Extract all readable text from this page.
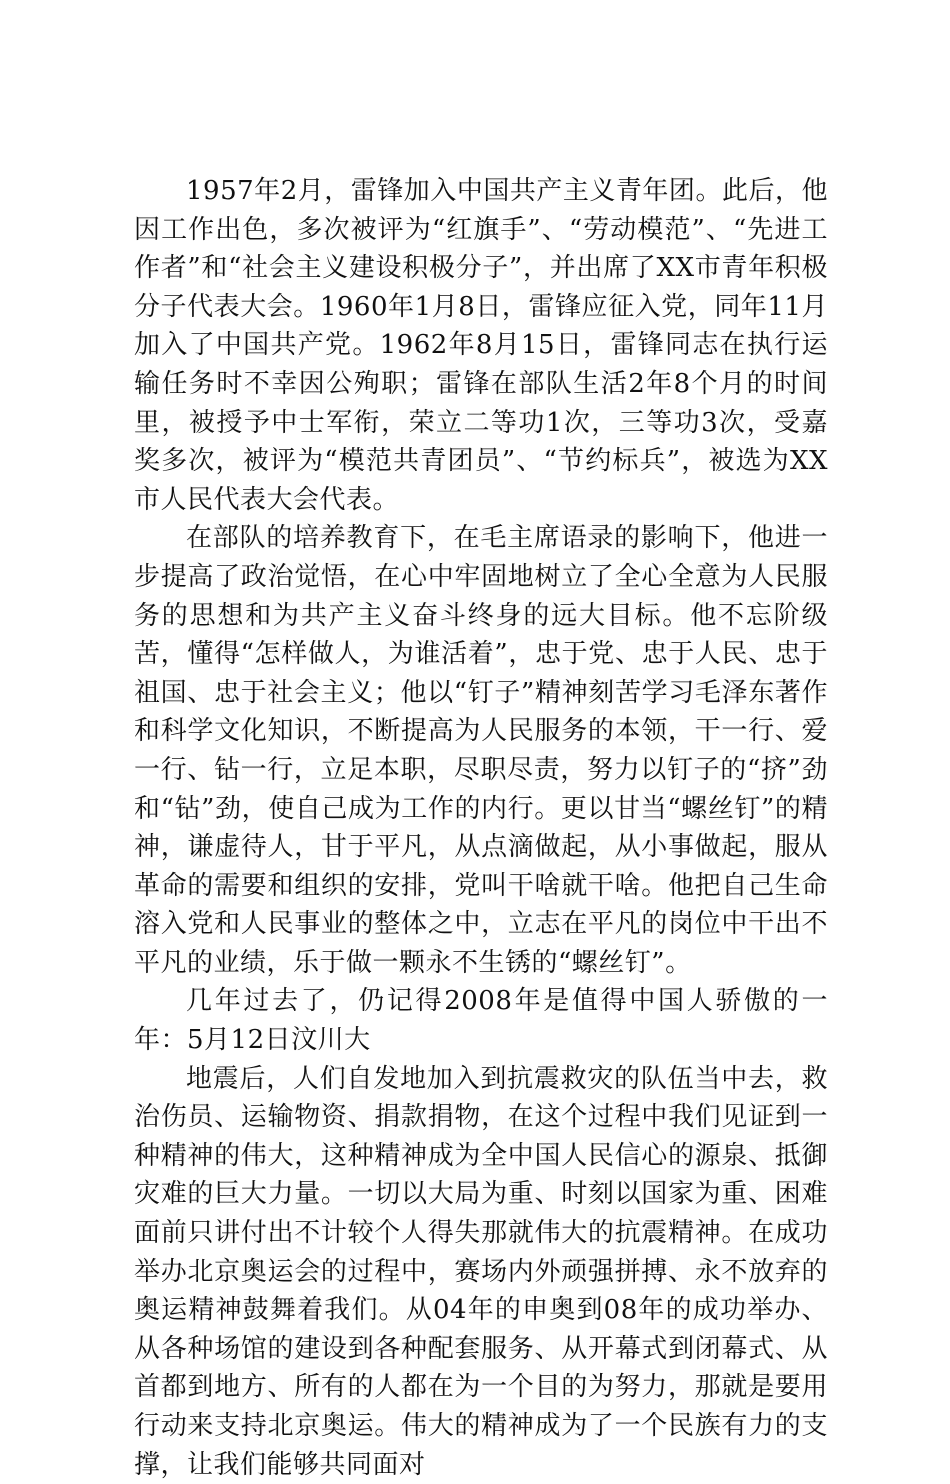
1957年2月，雷锋加入中国共产主义青年团。此后，他因工作出色，多次被评为“红旗手”、“劳动模范”、“先进工作者”和“社会主义建设积极分子”，并出席了XX市青年积极分子代表大会。1960年1月8日，雷锋应征入党，同年11月加入了中国共产党。1962年8月15日，雷锋同志在执行运输任务时不幸因公殉职；雷锋在部队生活2年8个月的时间里，被授予中士军衔，荣立二等功1次，三等功3次，受嘉奖多次，被评为“模范共青团员”、“节约标兵”，被选为XX市人民代表大会代表。

在部队的培养教育下，在毛主席语录的影响下，他进一步提高了政治觉悟，在心中牢固地树立了全心全意为人民服务的思想和为共产主义奋斗终身的远大目标。他不忘阶级苦，懂得“怎样做人，为谁活着”，忠于党、忠于人民、忠于祖国、忠于社会主义；他以“钉子”精神刻苦学习毛泽东著作和科学文化知识，不断提高为人民服务的本领，干一行、爱一行、钻一行，立足本职，尽职尽责，努力以钉子的“挤”劲和“钻”劲，使自己成为工作的内行。更以甘当“螺丝钉”的精神，谦虚待人，甘于平凡，从点滴做起，从小事做起，服从革命的需要和组织的安排，党叫干啥就干啥。他把自己生命溶入党和人民事业的整体之中，立志在平凡的岗位中干出不平凡的业绩，乐于做一颗永不生锈的“螺丝钉”。

几年过去了，仍记得2008年是值得中国人骄傲的一年：5月12日汶川大

地震后，人们自发地加入到抗震救灾的队伍当中去，救治伤员、运输物资、捐款捐物，在这个过程中我们见证到一种精神的伟大，这种精神成为全中国人民信心的源泉、抵御灾难的巨大力量。一切以大局为重、时刻以国家为重、困难面前只讲付出不计较个人得失那就伟大的抗震精神。在成功举办北京奥运会的过程中，赛场内外顽强拼搏、永不放弃的奥运精神鼓舞着我们。从04年的申奥到08年的成功举办、从各种场馆的建设到各种配套服务、从开幕式到闭幕式、从首都到地方、所有的人都在为一个目的为努力，那就是要用行动来支持北京奥运。伟大的精神成为了一个民族有力的支撑，让我们能够共同面对
